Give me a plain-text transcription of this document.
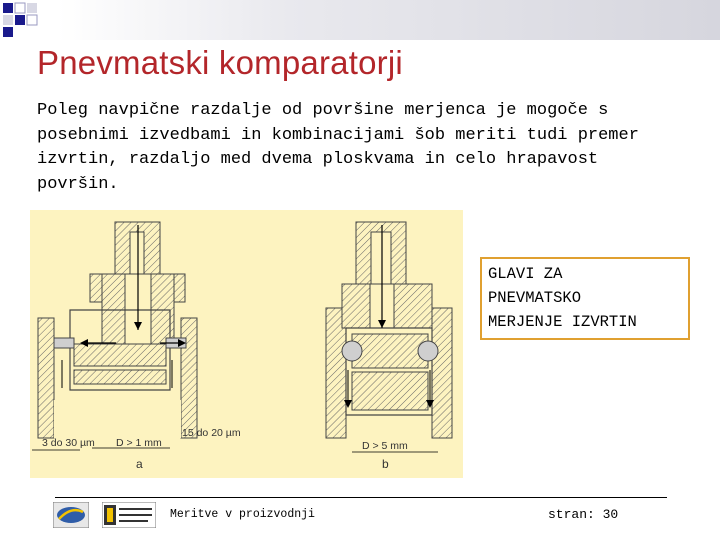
Pnevmatski komparatorji

Poleg navpične razdalje od površine merjenca je mogoče s posebnimi izvedbami in kombinacijami šob meriti tudi premer izvrtin, razdaljo med dvema ploskvama in celo hrapavost površin.

3 do 30 µm D > 1 mm
15 do 20 µm
a
D > 5 mm
b
GLAVI ZA
PNEVMATSKO
MERJENJE IZVRTIN
Meritve v proizvodnji	stran: 30
